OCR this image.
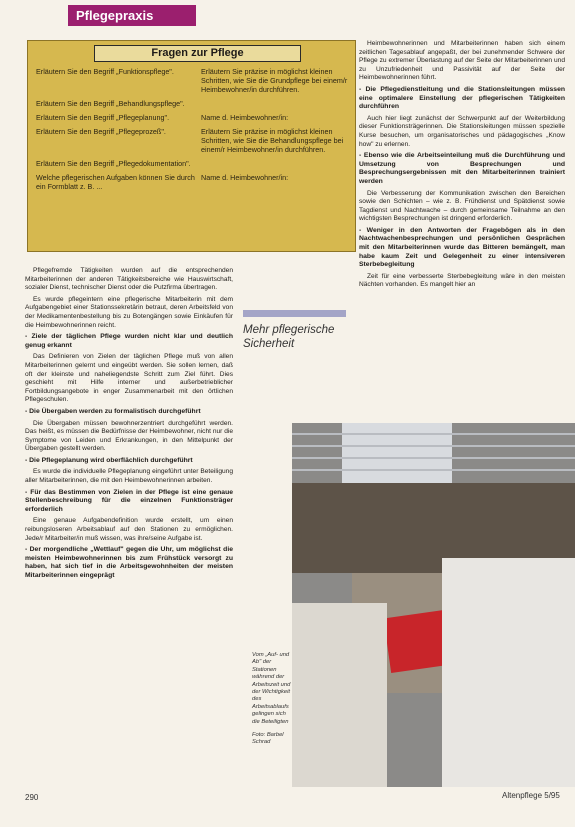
Pflegepraxis
Fragen zur Pflege
Erläutern Sie den Begriff „Funktionspflege".	Erläutern Sie präzise in möglichst kleinen Schritten, wie Sie die Grundpflege bei einem/r Heimbewohner/in durchführen.
Erläutern Sie den Begriff „Behandlungspflege".	
Erläutern Sie den Begriff „Pflegeplanung".	Name d. Heimbewohner/in:
Erläutern Sie den Begriff „Pflegeprozeß".	Erläutern Sie präzise in möglichst kleinen Schritten, wie Sie die Behandlungspflege bei einem/r Heimbewohner/in durchführen.
Erläutern Sie den Begriff „Pflegedokumentation".	
Welche pflegerischen Aufgaben können Sie durch ein Formblatt z. B. ...	Name d. Heimbewohner/in:

Pflegefremde Tätigkeiten wurden auf die entsprechenden Mitarbeiterinnen der anderen Tätigkeitsbereiche wie Hauswirtschaft, sozialer Dienst, technischer Dienst oder die Putzfirma übertragen.

Es wurde pflegeintern eine pflegerische Mitarbeiterin mit dem Aufgabengebiet einer Stationssekretärin betraut, deren Arbeitsfeld von der Medikamentenbestellung bis zu Botengängen sowie Einkäufen für die Heimbewohnerinnen reicht.

- Ziele der täglichen Pflege wurden nicht klar und deutlich genug erkannt

Das Definieren von Zielen der täglichen Pflege muß von allen Mitarbeiterinnen gelernt und eingeübt werden. Sie sollen lernen, daß oft der kleinste und naheliegendste Schritt zum Ziel führt. Dies geschieht mit Hilfe interner und außerbetrieblicher Fortbildungsangebote in enger Zusammenarbeit mit den örtlichen Pflegeschulen.

- Die Übergaben werden zu formalistisch durchgeführt

Die Übergaben müssen bewohnerzentriert durchgeführt werden. Das heißt, es müssen die Bedürfnisse der Heimbewohner, nicht nur die Symptome von Leiden und Erkrankungen, in den Mittelpunkt der Übergaben gestellt werden.

- Die Pflegeplanung wird oberflächlich durchgeführt

Es wurde die individuelle Pflegeplanung eingeführt unter Beteiligung aller Mitarbeiterinnen, die mit den Heimbewohnerinnen arbeiten.

- Für das Bestimmen von Zielen in der Pflege ist eine genaue Stellenbeschreibung für die einzelnen Funktionsträger erforderlich

Eine genaue Aufgabendefinition wurde erstellt, um einen reibungsloseren Arbeitsablauf auf den Stationen zu ermöglichen. Jede/r Mitarbeiter/in muß wissen, was ihre/seine Aufgabe ist.

- Der morgendliche „Wettlauf" gegen die Uhr, um möglichst die meisten Heimbewohnerinnen bis zum Frühstück versorgt zu haben, hat sich tief in die Arbeitsgewohnheiten der meisten Mitarbeiterinnen eingeprägt
Mehr pflegerische Sicherheit

Heimbewohnerinnen und Mitarbeiterinnen haben sich einem zeitlichen Tagesablauf angepaßt, der bei zunehmender Schwere der Pflege zu extremer Überlastung auf der Seite der Mitarbeiterinnen und zu Unzufriedenheit und Passivität auf der Seite der Heimbewohnerinnen führt.

- Die Pflegedienstleitung und die Stationsleitungen müssen eine optimalere Einstellung der pflegerischen Tätigkeiten durchführen

Auch hier liegt zunächst der Schwerpunkt auf der Weiterbildung dieser Funktionsträgerinnen. Die Stationsleitungen müssen spezielle Kurse besuchen, um organisatorisches und pädagogisches „Know how" zu erlernen.

- Ebenso wie die Arbeitseinteilung muß die Durchführung und Umsetzung von Besprechungen und Besprechungsergebnissen mit den Mitarbeiterinnen trainiert werden

Die Verbesserung der Kommunikation zwischen den Bereichen sowie den Schichten – wie z. B. Frühdienst und Spätdienst sowie Tagdienst und Nachtwache – durch gemeinsame Teilnahme an den wichtigsten Besprechungen ist dringend erforderlich.

- Weniger in den Antworten der Fragebögen als in den Nachtwachenbesprechungen und persönlichen Gesprächen mit den Mitarbeiterinnen wurde das Bitteren bemängelt, man habe kaum Zeit und Gelegenheit zu einer intensiveren Sterbebegleitung

Zeit für eine verbesserte Sterbebegleitung wäre in den meisten Nächten vorhanden. Es mangelt hier an

Vom „Auf- und Ab" der Stationen während der Arbeitszeit und der Wichtigkeit des Arbeitsablaufs gelingen sich die Beteiligten
Foto: Barbel Schrad
290	Altenpflege 5/95
